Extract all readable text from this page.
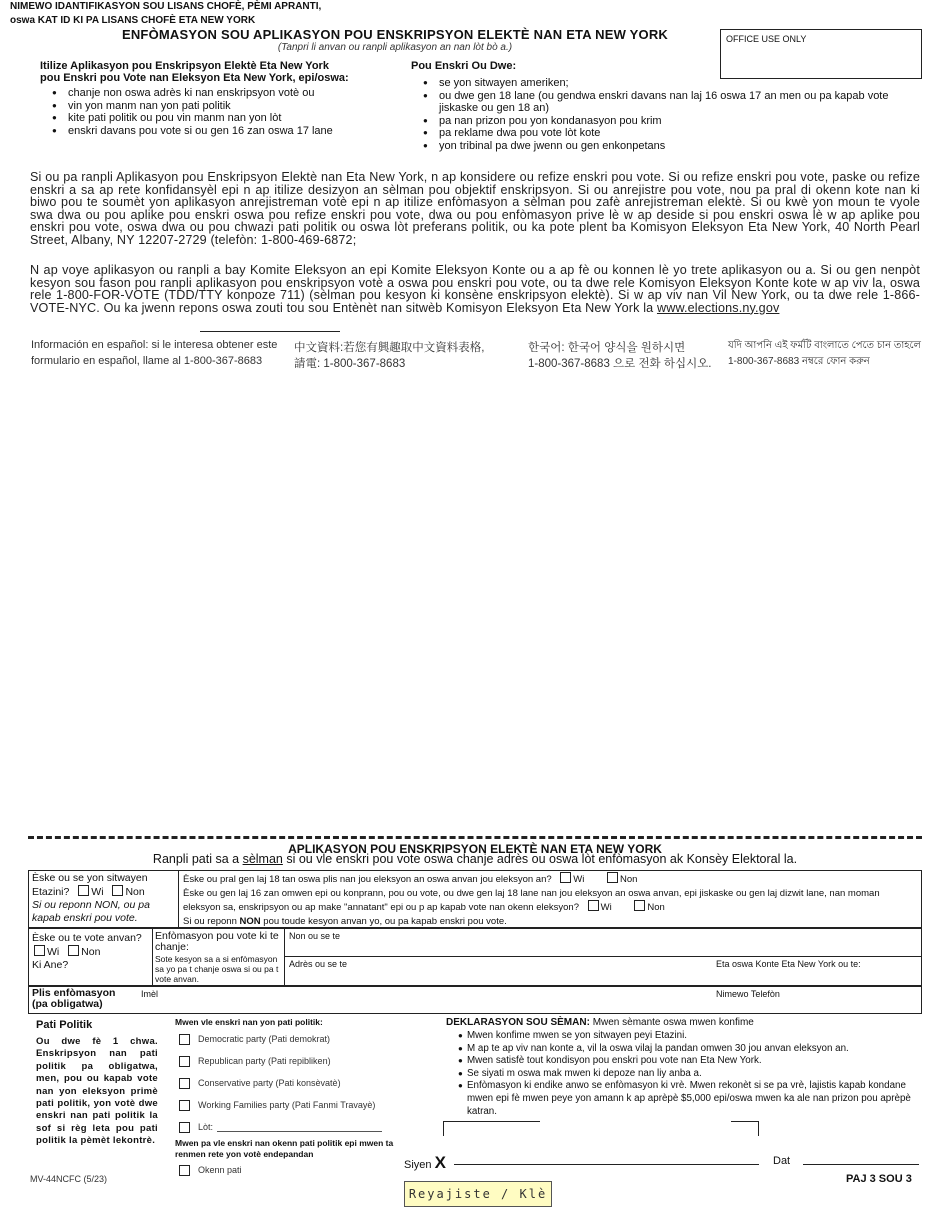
NIMEWO IDANTIFIKASYON SOU LISANS CHOFÈ, PÈMI APRANTI,
oswa KAT ID KI PA LISANS CHOFÈ ETA NEW YORK
ENFÒMASYON SOU APLIKASYON POU ENSKRIPSYON ELEKTÈ NAN ETA NEW YORK
(Tanpri li anvan ou ranpli aplikasyon an nan lòt bò a.)
OFFICE USE ONLY
Itilize Aplikasyon pou Enskripsyon Elektè Eta New York
pou Enskri pou Vote nan Eleksyon Eta New York, epi/oswa:
● chanje non oswa adrès ki nan enskripsyon votè ou
● vin yon manm nan yon pati politik
● kite pati politik ou pou vin manm nan yon lòt
● enskri davans pou vote si ou gen 16 zan oswa 17 lane
Pou Enskri Ou Dwe:
● se yon sitwayen ameriken;
● ou dwe gen 18 lane (ou gendwa enskri davans nan laj 16 oswa 17 an men ou pa kapab vote jiskaske ou gen 18 an)
● pa nan prizon pou yon kondanasyon pou krim
● pa reklame dwa pou vote lòt kote
● yon tribinal pa dwe jwenn ou gen enkonpetans
Si ou pa ranpli Aplikasyon pou Enskripsyon Elektè nan Eta New York, n ap konsidere ou refize enskri pou vote. Si ou refize enskri pou vote, paske ou refize enskri a sa ap rete konfidansyèl epi n ap itilize desizyon an sèlman pou objektif enskripsyon. Si ou anrejistre pou vote, nou pa pral di okenn kote nan ki biwo pou te soumèt yon aplikasyon anrejistreman votè epi n ap itilize enfòmasyon a sèlman pou zafè anrejistreman elektè. Si ou kwè yon moun te vyole swa dwa ou pou aplike pou enskri oswa pou refize enskri pou vote, dwa ou pou enfòmasyon prive lè w ap deside si pou enskri oswa lè w ap aplike pou enskri pou vote, oswa dwa ou pou chwazi pati politik ou oswa lòt preferans politik, ou ka pote plent ba Komisyon Eleksyon Eta New York, 40 North Pearl Street, Albany, NY 12207-2729 (telefòn: 1-800-469-6872;
N ap voye aplikasyon ou ranpli a bay Komite Eleksyon an epi Komite Eleksyon Konte ou a ap fè ou konnen lè yo trete aplikasyon ou a. Si ou gen nenpòt kesyon sou fason pou ranpli aplikasyon pou enskripsyon votè a oswa pou enskri pou vote, ou ta dwe rele Komisyon Eleksyon Konte kote w ap viv la, oswa rele 1-800-FOR-VOTE (TDD/TTY konpoze 711) (sèlman pou kesyon ki konsène enskripsyon elektè). Si w ap viv nan Vil New York, ou ta dwe rele 1-866-VOTE-NYC. Ou ka jwenn repons oswa zouti tou sou Entènèt nan sitwèb Komisyon Eleksyon Eta New York la www.elections.ny.gov
Información en español: si le interesa obtener este
formulario en español, llame al 1-800-367-8683
中文資料:若您有興趣取中文資料表格,
請電: 1-800-367-8683
한국어: 한국어 양식을 원하시면
1-800-367-8683 으로 전화 하십시오.
যদি আপনি এই ফর্মটি বাংলাতে পেতে চান তাহলে
1-800-367-8683 নম্বরে ফোন করুন
APLIKASYON POU ENSKRIPSYON ELEKTÈ NAN ETA NEW YORK
Ranpli pati sa a sèlman si ou vle enskri pou vote oswa chanje adrès ou oswa lòt enfòmasyon ak Konsèy Elektoral la.
Èske ou se yon sitwayen
Etazini? Wi Non
Si ou reponn NON, ou pa kapab enskri pou vote.
Èske ou pral gen laj 18 tan oswa plis nan jou eleksyon an oswa anvan jou eleksyon an? Wi	Non
Èske ou gen laj 16 zan omwen epi ou konprann, pou ou vote, ou dwe gen laj 18 lane nan jou eleksyon an oswa anvan, epi jiskaske ou gen laj dizwit lane, nan moman eleksyon sa, enskripsyon ou ap make "annatant" epi ou p ap kapab vote nan okenn eleksyon? Wi	Non
Si ou reponn NON pou toude kesyon anvan yo, ou pa kapab enskri pou vote.
Èske ou te vote anvan?
Wi Non
Ki Ane?
Enfòmasyon pou vote ki te chanje:
Sote kesyon sa a si enfòmasyon sa yo pa t chanje oswa si ou pa t vote anvan.
Non ou se te
Adrès ou se te	Eta oswa Konte Eta New York ou te:
Plis enfòmasyon
(pa obligatwa)
Imèl	Nimewo Telefòn
Pati Politik
Ou dwe fè 1 chwa. Enskripsyon nan pati politik pa obligatwa, men, pou ou kapab vote nan yon eleksyon primè pati politik, yon votè dwe enskri nan pati politik la sof si règ leta pou pati politik la pèmèt lekontrè.
Mwen vle enskri nan yon pati politik:
Democratic party (Pati demokrat)
Republican party (Pati repibliken)
Conservative party (Pati konsèvatè)
Working Families party (Pati Fanmi Travayè)
Lòt:
Mwen pa vle enskri nan okenn pati politik epi mwen ta renmen rete yon votè endepandan
Okenn pati
DEKLARASYON SOU SÈMAN: Mwen sèmante oswa mwen konfime
● Mwen konfime mwen se yon sitwayen peyi Etazini.
● M ap te ap viv nan konte a, vil la oswa vilaj la pandan omwen 30 jou anvan eleksyon an.
● Mwen satisfè tout kondisyon pou enskri pou vote nan Eta New York.
● Se siyati m oswa mak mwen ki depoze nan liy anba a.
● Enfòmasyon ki endike anwo se enfòmasyon ki vrè. Mwen rekonèt si se pa vrè, lajistis kapab kondane mwen epi fè mwen peye yon amann k ap aprèpè $5,000 epi/oswa mwen ka ale nan prizon pou aprèpè katran.
Siyen X	Dat
MV-44NCFC (5/23)	PAJ 3 SOU 3
Reyajiste / Klè
